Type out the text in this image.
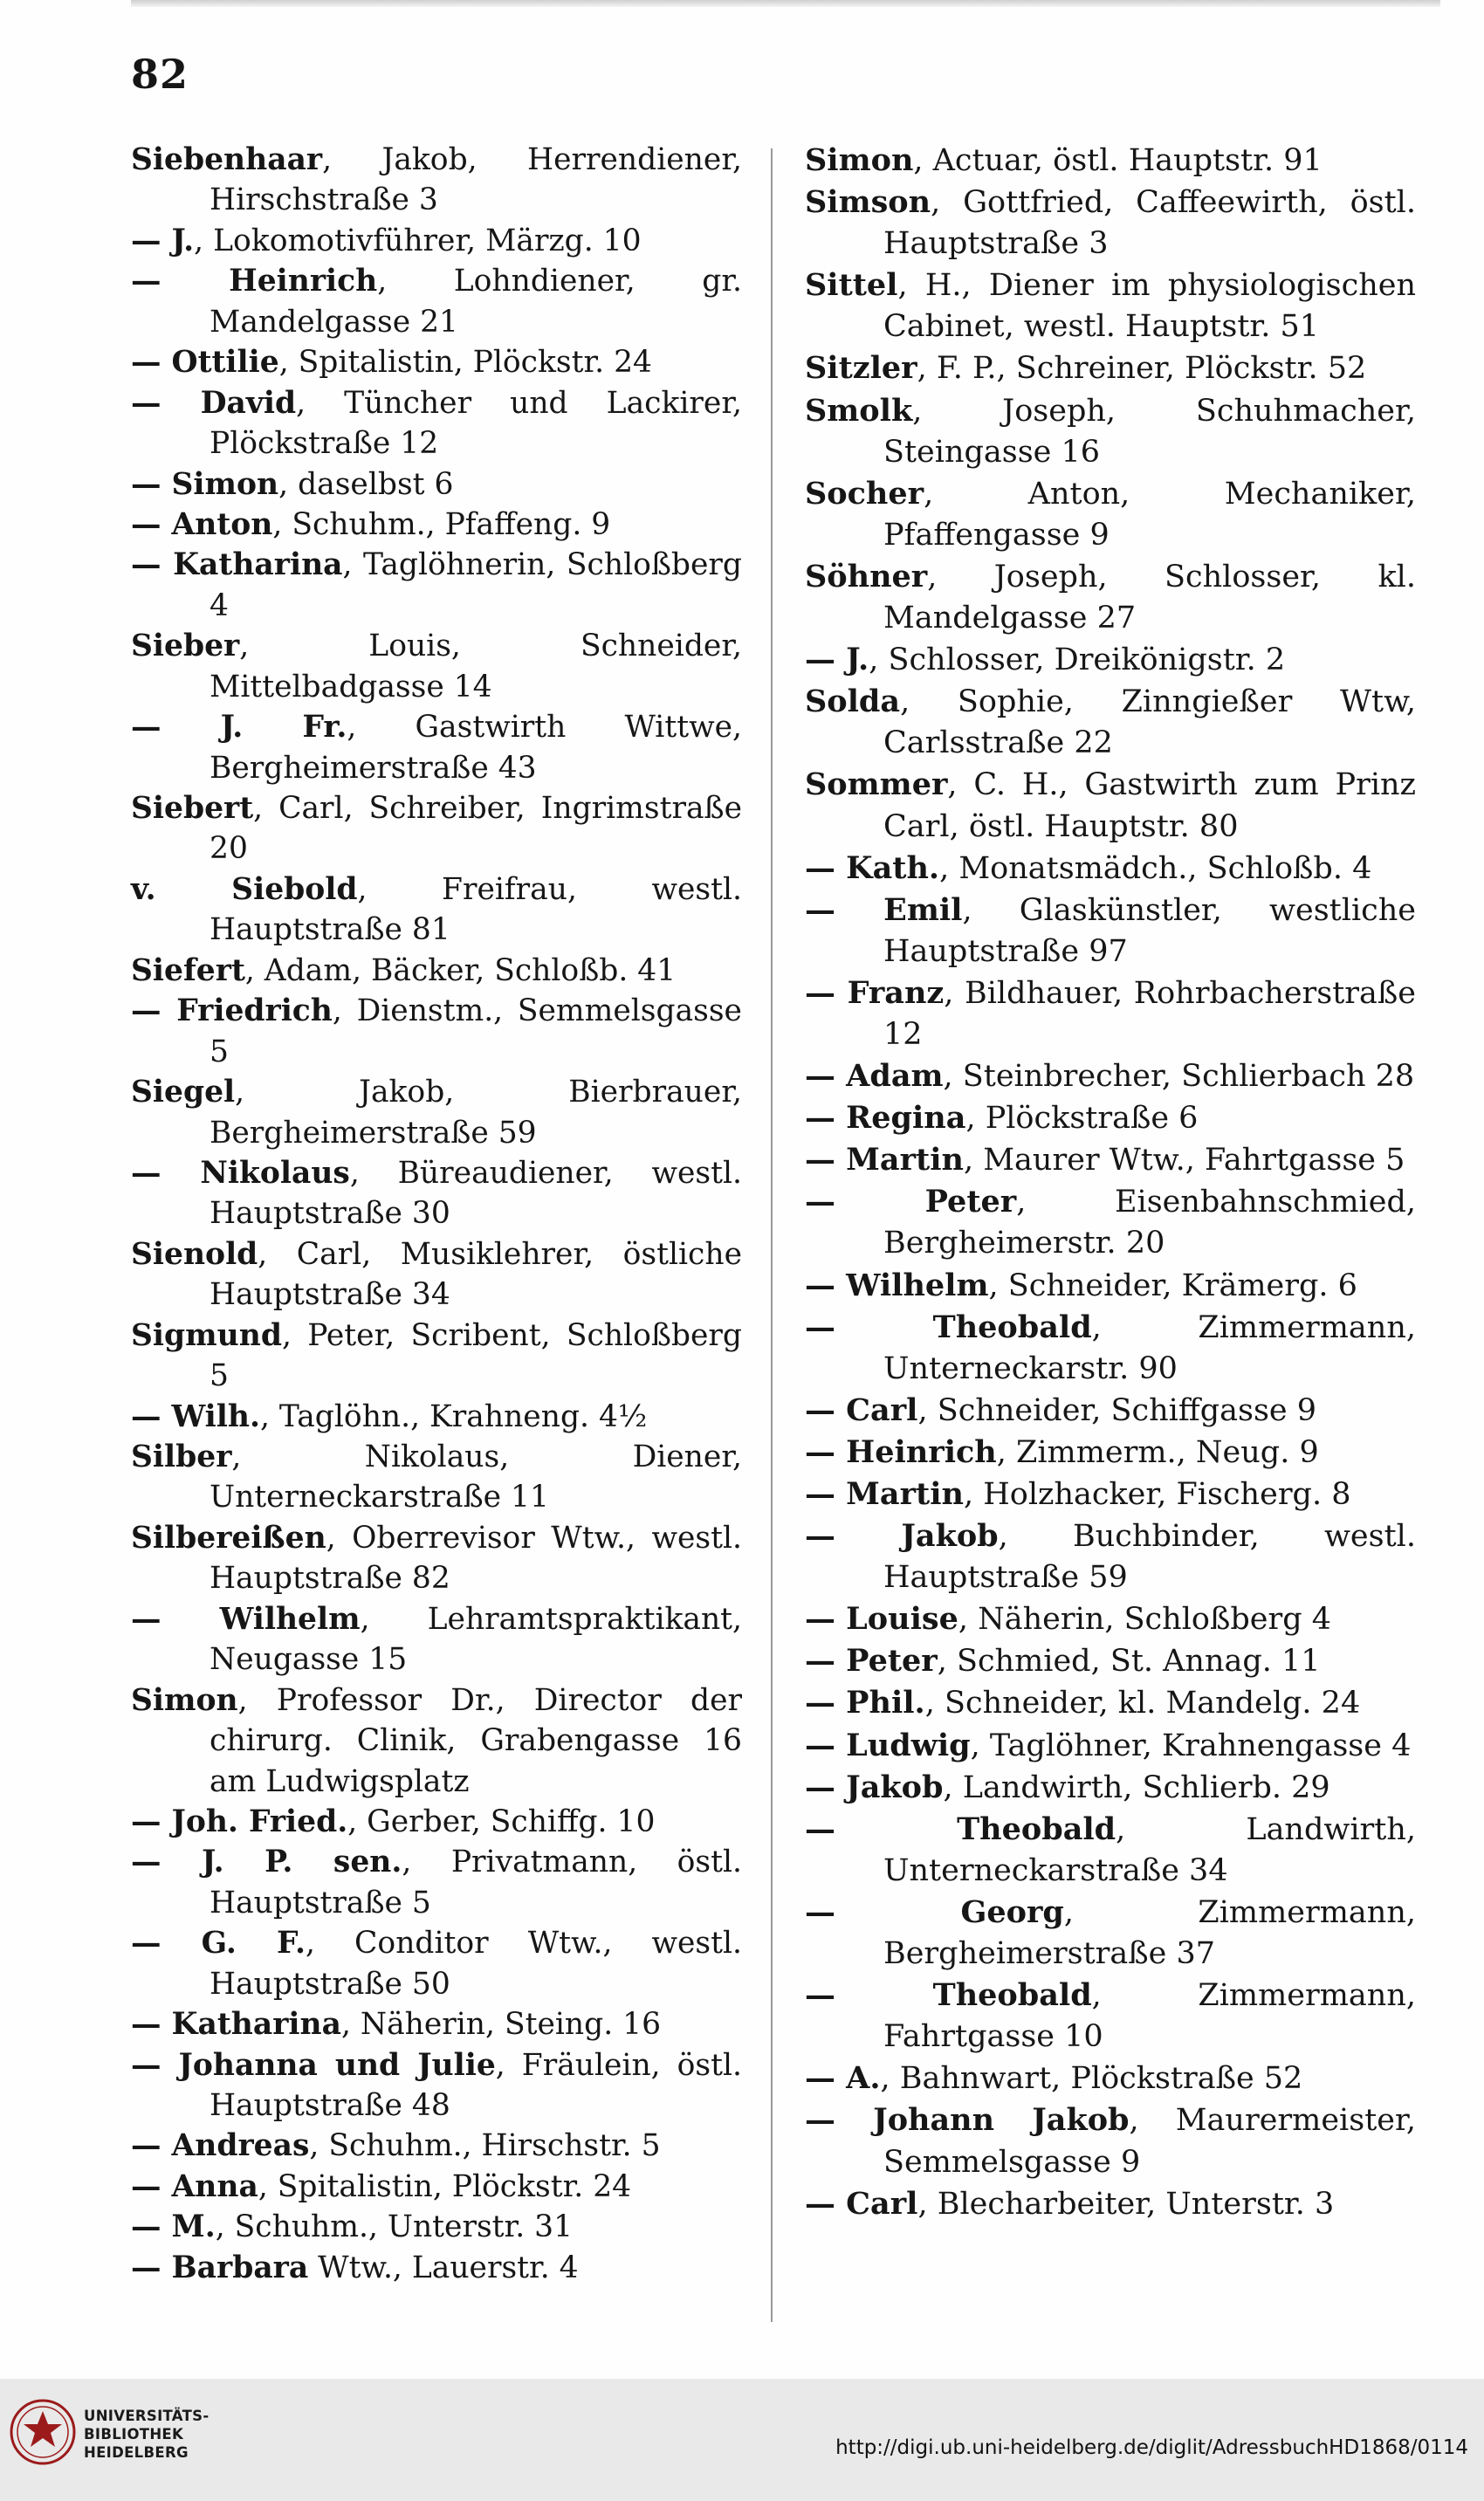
82
Siebenhaar, Jakob, Herrendiener, Hirschstraße 3
— J., Lokomotivführer, Märzg. 10
— Heinrich, Lohndiener, gr. Mandelgasse 21
— Ottilie, Spitalistin, Plöckstr. 24
— David, Tüncher und Lackirer, Plöckstraße 12
— Simon, daselbst 6
— Anton, Schuhm., Pfaffeng. 9
— Katharina, Taglöhnerin, Schloßberg 4
Sieber, Louis, Schneider, Mittelbadgasse 14
— J. Fr., Gastwirth Wittwe, Bergheimerstraße 43
Siebert, Carl, Schreiber, Ingrimstraße 20
v. Siebold, Freifrau, westl. Hauptstraße 81
Siefert, Adam, Bäcker, Schloßb. 41
— Friedrich, Dienstm., Semmelsgasse 5
Siegel, Jakob, Bierbrauer, Bergheimerstraße 59
— Nikolaus, Büreaudiener, westl. Hauptstraße 30
Sienold, Carl, Musiklehrer, östliche Hauptstraße 34
Sigmund, Peter, Scribent, Schloßberg 5
— Wilh., Taglöhn., Krahneng. 4½
Silber, Nikolaus, Diener, Unterneckarstraße 11
Silbereißen, Oberrevisor Wtw., westl. Hauptstraße 82
— Wilhelm, Lehramtspraktikant, Neugasse 15
Simon, Professor Dr., Director der chirurg. Clinik, Grabengasse 16 am Ludwigsplatz
— Joh. Fried., Gerber, Schiffg. 10
— J. P. sen., Privatmann, östl. Hauptstraße 5
— G. F., Conditor Wtw., westl. Hauptstraße 50
— Katharina, Näherin, Steing. 16
— Johanna und Julie, Fräulein, östl. Hauptstraße 48
— Andreas, Schuhm., Hirschstr. 5
— Anna, Spitalistin, Plöckstr. 24
— M., Schuhm., Unterstr. 31
— Barbara Wtw., Lauerstr. 4
Simon, Actuar, östl. Hauptstr. 91
Simson, Gottfried, Caffeewirth, östl. Hauptstraße 3
Sittel, H., Diener im physiologischen Cabinet, westl. Hauptstr. 51
Sitzler, F. P., Schreiner, Plöckstr. 52
Smolk, Joseph, Schuhmacher, Steingasse 16
Socher, Anton, Mechaniker, Pfaffengasse 9
Söhner, Joseph, Schlosser, kl. Mandelgasse 27
— J., Schlosser, Dreikönigstr. 2
Solda, Sophie, Zinngießer Wtw, Carlsstraße 22
Sommer, C. H., Gastwirth zum Prinz Carl, östl. Hauptstr. 80
— Kath., Monatsmädch., Schloßb. 4
— Emil, Glaskünstler, westliche Hauptstraße 97
— Franz, Bildhauer, Rohrbacherstraße 12
— Adam, Steinbrecher, Schlierbach 28
— Regina, Plöckstraße 6
— Martin, Maurer Wtw., Fahrtgasse 5
— Peter, Eisenbahnschmied, Bergheimerstr. 20
— Wilhelm, Schneider, Krämerg. 6
— Theobald, Zimmermann, Unterneckarstr. 90
— Carl, Schneider, Schiffgasse 9
— Heinrich, Zimmerm., Neug. 9
— Martin, Holzhacker, Fischerg. 8
— Jakob, Buchbinder, westl. Hauptstraße 59
— Louise, Näherin, Schloßberg 4
— Peter, Schmied, St. Annag. 11
— Phil., Schneider, kl. Mandelg. 24
— Ludwig, Taglöhner, Krahnengasse 4
— Jakob, Landwirth, Schlierb. 29
— Theobald, Landwirth, Unterneckarstraße 34
— Georg, Zimmermann, Bergheimerstraße 37
— Theobald, Zimmermann, Fahrtgasse 10
— A., Bahnwart, Plöckstraße 52
— Johann Jakob, Maurermeister, Semmelsgasse 9
— Carl, Blecharbeiter, Unterstr. 3
UNIVERSITÄTS-
BIBLIOTHEK
HEIDELBERG	http://digi.ub.uni-heidelberg.de/diglit/AdressbuchHD1868/0114
